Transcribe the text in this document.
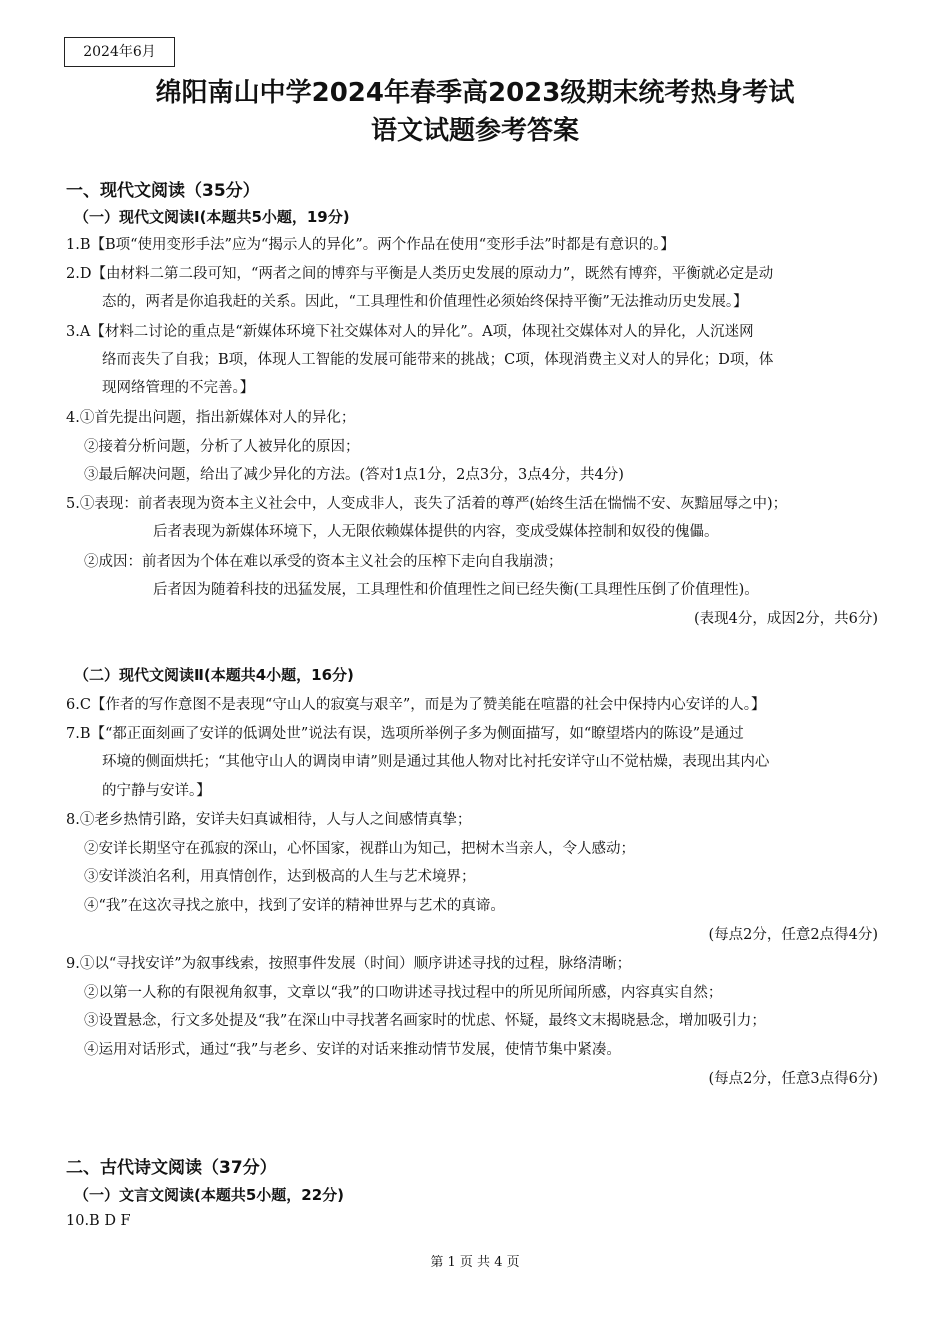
2024年6月
绵阳南山中学2024年春季高2023级期末统考热身考试
语文试题参考答案
一、现代文阅读（35分）
（一）现代文阅读Ⅰ(本题共5小题，19分)
1.B【B项“使用变形手法”应为“揭示人的异化”。两个作品在使用“变形手法”时都是有意识的。】
2.D【由材料二第二段可知，“两者之间的博弈与平衡是人类历史发展的原动力”，既然有博弈，平衡就必定是动
态的，两者是你追我赶的关系。因此，“工具理性和价值理性必须始终保持平衡”无法推动历史发展。】
3.A【材料二讨论的重点是“新媒体环境下社交媒体对人的异化”。A项，体现社交媒体对人的异化，人沉迷网
络而丧失了自我；B项，体现人工智能的发展可能带来的挑战；C项，体现消费主义对人的异化；D项，体
现网络管理的不完善。】
4.①首先提出问题，指出新媒体对人的异化；
②接着分析问题，分析了人被异化的原因；
③最后解决问题，给出了减少异化的方法。(答对1点1分，2点3分，3点4分，共4分)
5.①表现：前者表现为资本主义社会中，人变成非人，丧失了活着的尊严(始终生活在惴惴不安、灰黯屈辱之中)；
后者表现为新媒体环境下，人无限依赖媒体提供的内容，变成受媒体控制和奴役的傀儡。
②成因：前者因为个体在难以承受的资本主义社会的压榨下走向自我崩溃；
后者因为随着科技的迅猛发展，工具理性和价值理性之间已经失衡(工具理性压倒了价值理性)。
(表现4分，成因2分，共6分)
（二）现代文阅读Ⅱ(本题共4小题，16分)
6.C【作者的写作意图不是表现“守山人的寂寞与艰辛”，而是为了赞美能在喧嚣的社会中保持内心安详的人。】
7.B【“都正面刻画了安详的低调处世”说法有误，选项所举例子多为侧面描写，如“瞭望塔内的陈设”是通过
环境的侧面烘托；“其他守山人的调岗申请”则是通过其他人物对比衬托安详守山不觉枯燥，表现出其内心
的宁静与安详。】
8.①老乡热情引路，安详夫妇真诚相待，人与人之间感情真挚；
②安详长期坚守在孤寂的深山，心怀国家，视群山为知己，把树木当亲人，令人感动；
③安详淡泊名利，用真情创作，达到极高的人生与艺术境界；
④“我”在这次寻找之旅中，找到了安详的精神世界与艺术的真谛。
(每点2分，任意2点得4分)
9.①以“寻找安详”为叙事线索，按照事件发展（时间）顺序讲述寻找的过程，脉络清晰；
②以第一人称的有限视角叙事，文章以“我”的口吻讲述寻找过程中的所见所闻所感，内容真实自然；
③设置悬念，行文多处提及“我”在深山中寻找著名画家时的忧虑、怀疑，最终文末揭晓悬念，增加吸引力；
④运用对话形式，通过“我”与老乡、安详的对话来推动情节发展，使情节集中紧凑。
(每点2分，任意3点得6分)
二、古代诗文阅读（37分）
（一）文言文阅读(本题共5小题，22分)
10.B D F
第 1 页 共 4 页
